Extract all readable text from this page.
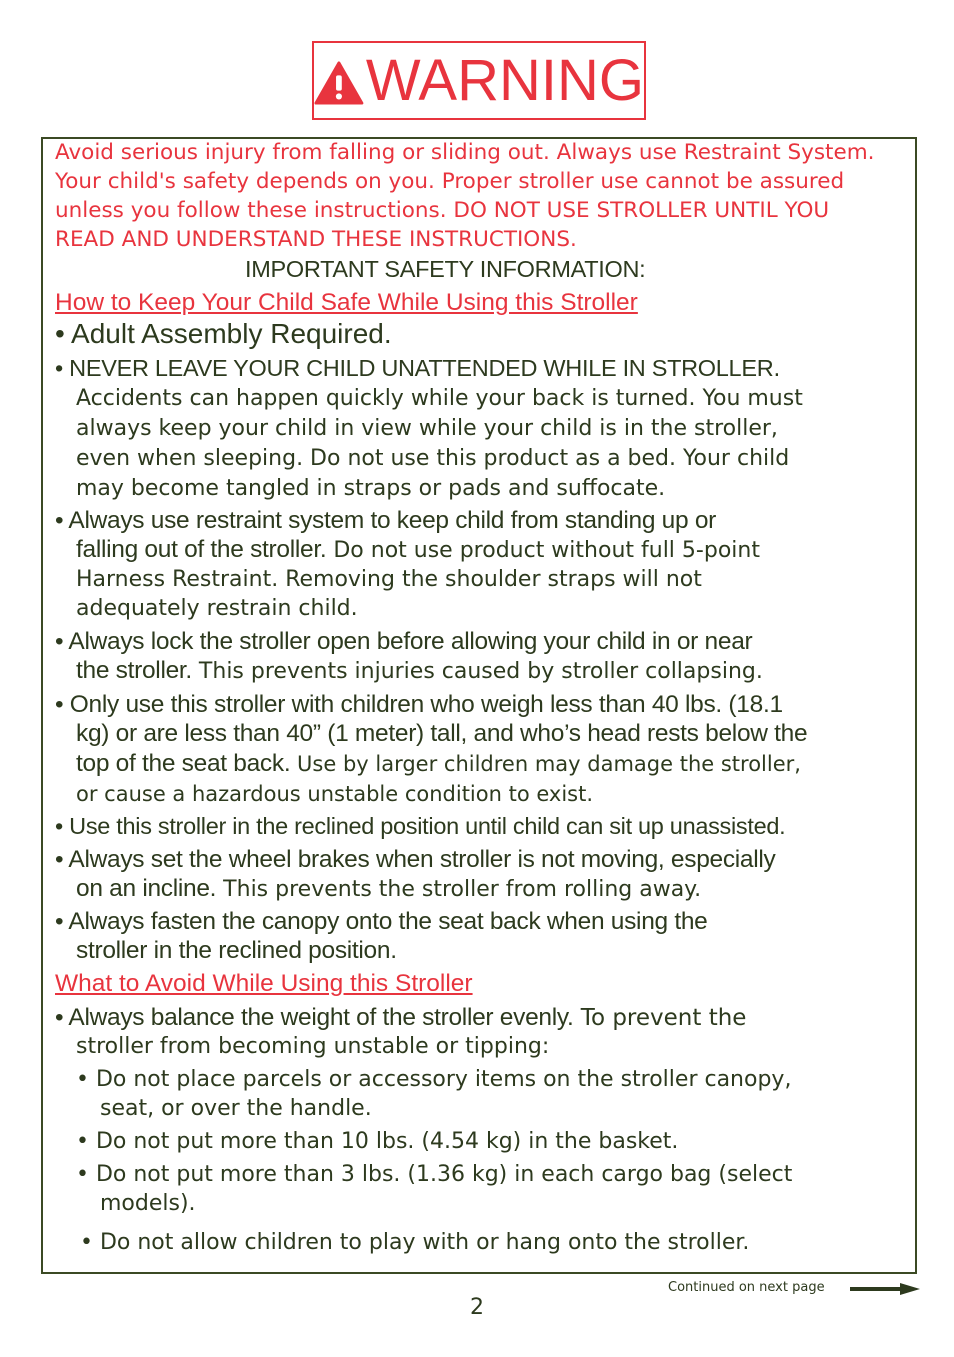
WARNING
Avoid serious injury from falling or sliding out. Always use Restraint System.
Your child's safety depends on you. Proper stroller use cannot be assured
unless you follow these instructions. DO NOT USE STROLLER UNTIL YOU
READ AND UNDERSTAND THESE INSTRUCTIONS.
IMPORTANT SAFETY INFORMATION:
How to Keep Your Child Safe While Using this Stroller
• Adult Assembly Required.
• NEVER LEAVE YOUR CHILD UNATTENDED WHILE IN STROLLER.
Accidents can happen quickly while your back is turned. You must
always keep your child in view while your child is in the stroller,
even when sleeping. Do not use this product as a bed. Your child
may become tangled in straps or pads and suffocate.
• Always use restraint system to keep child from standing up or
falling out of the stroller. Do not use product without full 5-point
Harness Restraint. Removing the shoulder straps will not
adequately restrain child.
• Always lock the stroller open before allowing your child in or near
the stroller. This prevents injuries caused by stroller collapsing.
• Only use this stroller with children who weigh less than 40 lbs. (18.1
kg) or are less than 40” (1 meter) tall, and who’s head rests below the
top of the seat back. Use by larger children may damage the stroller,
or cause a hazardous unstable condition to exist.
• Use this stroller in the reclined position until child can sit up unassisted.
• Always set the wheel brakes when stroller is not moving, especially
on an incline. This prevents the stroller from rolling away.
• Always fasten the canopy onto the seat back when using the
stroller in the reclined position.
What to Avoid While Using this Stroller
• Always balance the weight of the stroller evenly. To prevent the
stroller from becoming unstable or tipping:
• Do not place parcels or accessory items on the stroller canopy,
seat, or over the handle.
• Do not put more than 10 lbs. (4.54 kg) in the basket.
• Do not put more than 3 lbs. (1.36 kg) in each cargo bag (select
models).
• Do not allow children to play with or hang onto the stroller.
Continued on next page
2
